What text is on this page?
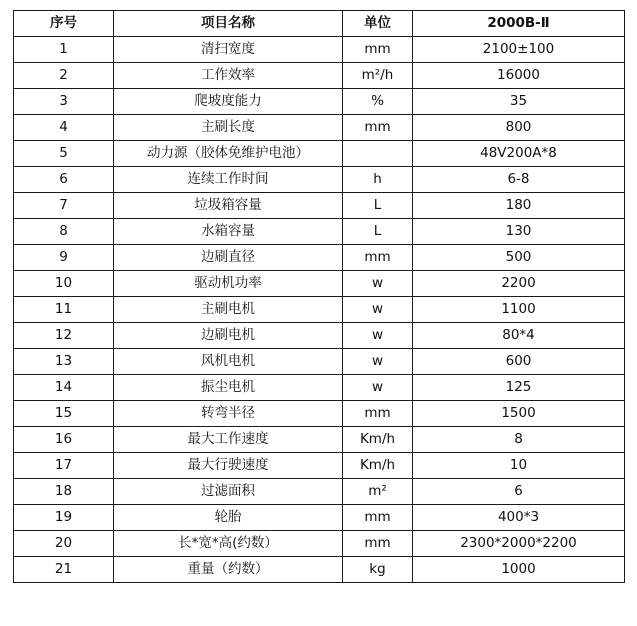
序号	项目名称	单位	2000B-Ⅱ
1	清扫宽度	mm	2100±100
2	工作效率	m²/h	16000
3	爬坡度能力	%	35
4	主刷长度	mm	800
5	动力源（胶体免维护电池）		48V200A*8
6	连续工作时间	h	6-8
7	垃圾箱容量	L	180
8	水箱容量	L	130
9	边刷直径	mm	500
10	驱动机功率	w	2200
11	主刷电机	w	1100
12	边刷电机	w	80*4
13	风机电机	w	600
14	振尘电机	w	125
15	转弯半径	mm	1500
16	最大工作速度	Km/h	8
17	最大行驶速度	Km/h	10
18	过滤面积	m²	6
19	轮胎	mm	400*3
20	长*宽*高(约数）	mm	2300*2000*2200
21	重量（约数）	kg	1000
